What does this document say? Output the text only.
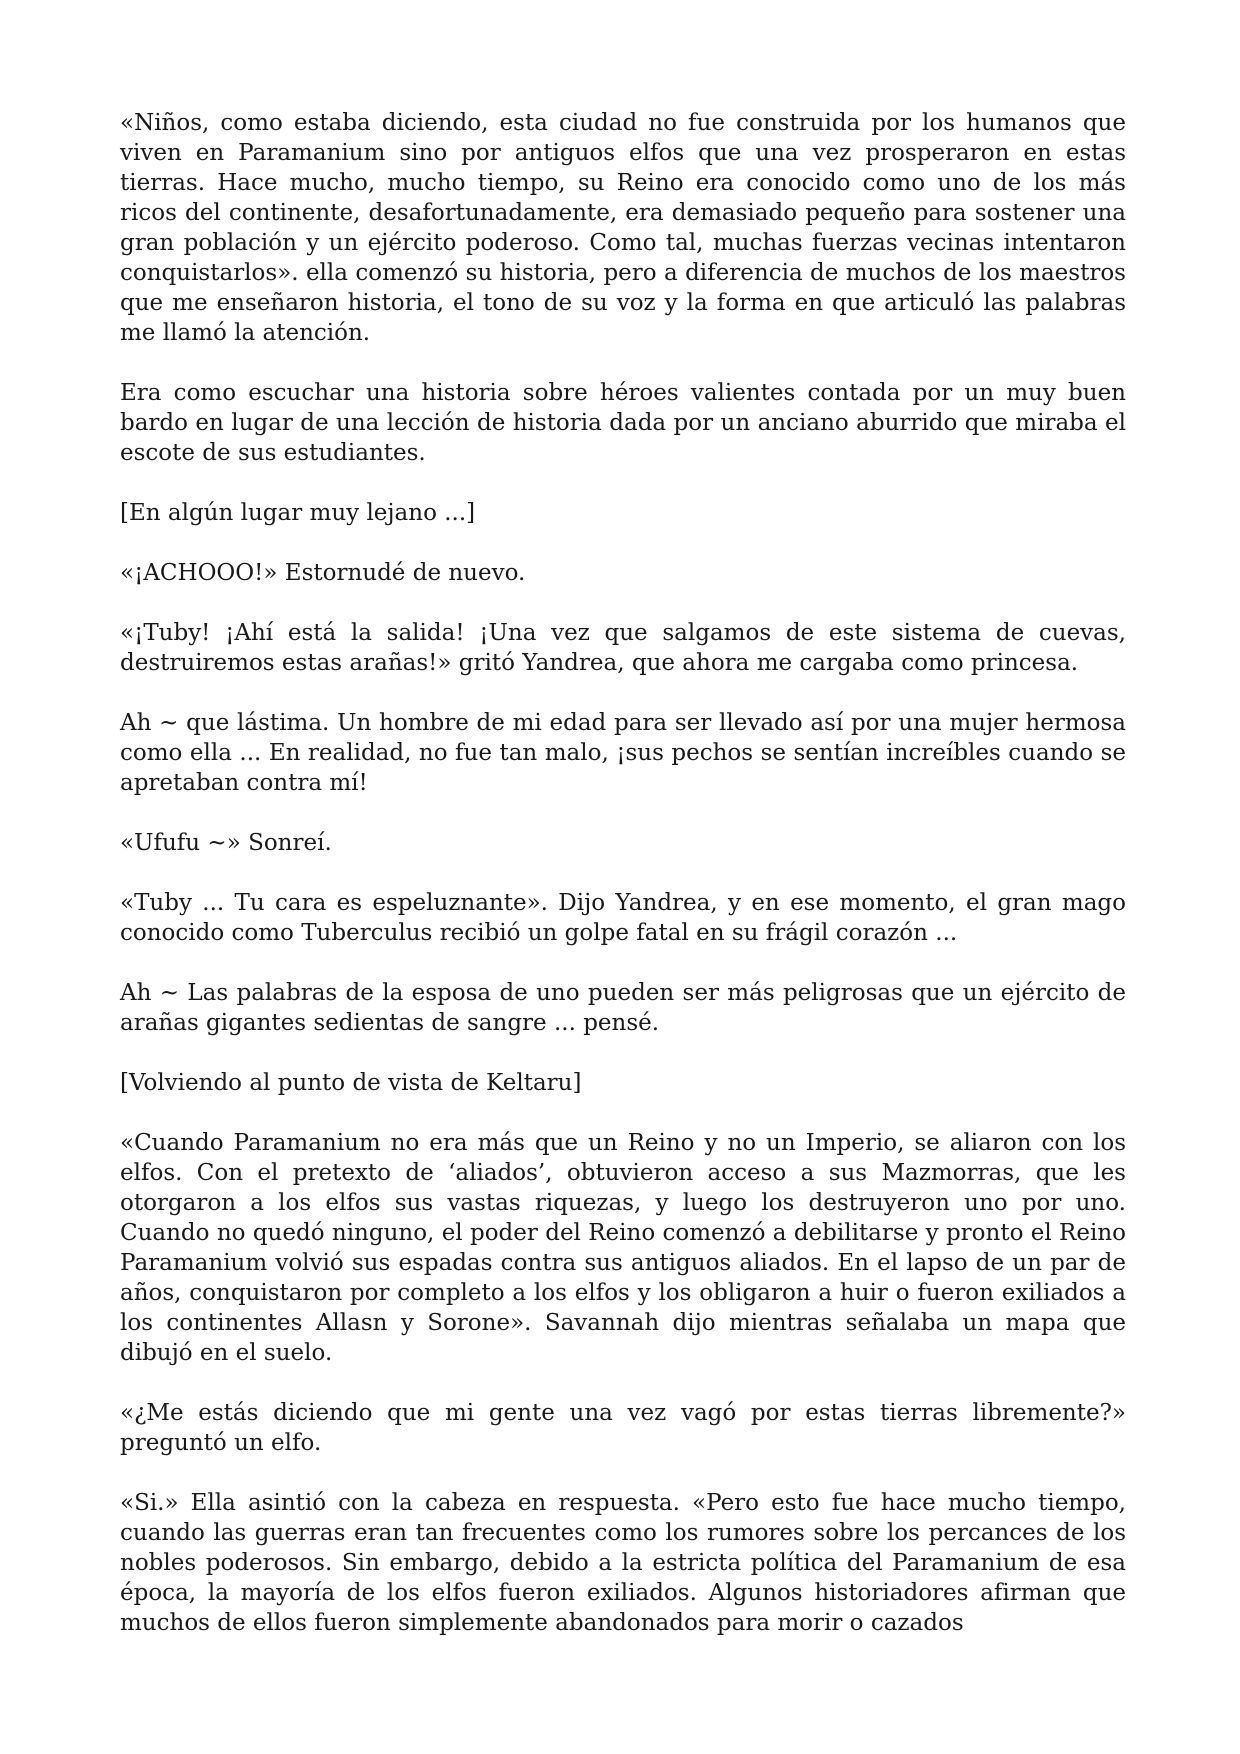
«Niños, como estaba diciendo, esta ciudad no fue construida por los humanos que viven en Paramanium sino por antiguos elfos que una vez prosperaron en estas tierras. Hace mucho, mucho tiempo, su Reino era conocido como uno de los más ricos del continente, desafortunadamente, era demasiado pequeño para sostener una gran población y un ejército poderoso. Como tal, muchas fuerzas vecinas intentaron conquistarlos». ella comenzó su historia, pero a diferencia de muchos de los maestros que me enseñaron historia, el tono de su voz y la forma en que articuló las palabras me llamó la atención.

Era como escuchar una historia sobre héroes valientes contada por un muy buen bardo en lugar de una lección de historia dada por un anciano aburrido que miraba el escote de sus estudiantes.

[En algún lugar muy lejano ...]

«¡ACHOOO!» Estornudé de nuevo.

«¡Tuby! ¡Ahí está la salida! ¡Una vez que salgamos de este sistema de cuevas, destruiremos estas arañas!» gritó Yandrea, que ahora me cargaba como princesa.

Ah ~ que lástima. Un hombre de mi edad para ser llevado así por una mujer hermosa como ella ... En realidad, no fue tan malo, ¡sus pechos se sentían increíbles cuando se apretaban contra mí!

«Ufufu ~» Sonreí.

«Tuby ... Tu cara es espeluznante». Dijo Yandrea, y en ese momento, el gran mago conocido como Tuberculus recibió un golpe fatal en su frágil corazón ...

Ah ~ Las palabras de la esposa de uno pueden ser más peligrosas que un ejército de arañas gigantes sedientas de sangre ... pensé.

[Volviendo al punto de vista de Keltaru]

«Cuando Paramanium no era más que un Reino y no un Imperio, se aliaron con los elfos. Con el pretexto de ‘aliados’, obtuvieron acceso a sus Mazmorras, que les otorgaron a los elfos sus vastas riquezas, y luego los destruyeron uno por uno. Cuando no quedó ninguno, el poder del Reino comenzó a debilitarse y pronto el Reino Paramanium volvió sus espadas contra sus antiguos aliados. En el lapso de un par de años, conquistaron por completo a los elfos y los obligaron a huir o fueron exiliados a los continentes Allasn y Sorone». Savannah dijo mientras señalaba un mapa que dibujó en el suelo.

«¿Me estás diciendo que mi gente una vez vagó por estas tierras libremente?» preguntó un elfo.

«Si.» Ella asintió con la cabeza en respuesta. «Pero esto fue hace mucho tiempo, cuando las guerras eran tan frecuentes como los rumores sobre los percances de los nobles poderosos. Sin embargo, debido a la estricta política del Paramanium de esa época, la mayoría de los elfos fueron exiliados. Algunos historiadores afirman que muchos de ellos fueron simplemente abandonados para morir o cazados
